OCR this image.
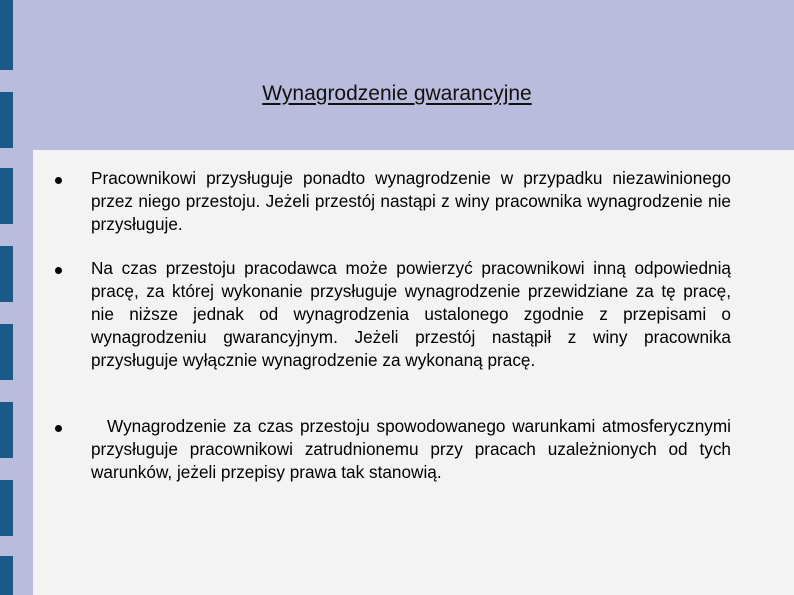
Wynagrodzenie gwarancyjne
Pracownikowi przysługuje ponadto wynagrodzenie w przypadku niezawinionego przez niego przestoju. Jeżeli przestój nastąpi z winy pracownika wynagrodzenie nie przysługuje.
Na czas przestoju pracodawca może powierzyć pracownikowi inną odpowiednią pracę, za której wykonanie przysługuje wynagrodzenie przewidziane za tę pracę, nie niższe jednak od wynagrodzenia ustalonego zgodnie z przepisami o wynagrodzeniu gwarancyjnym. Jeżeli przestój nastąpił z winy pracownika przysługuje wyłącznie wynagrodzenie za wykonaną pracę.
Wynagrodzenie za czas przestoju spowodowanego warunkami atmosferycznymi przysługuje pracownikowi zatrudnionemu przy pracach uzależnionych od tych warunków, jeżeli przepisy prawa tak stanowią.
